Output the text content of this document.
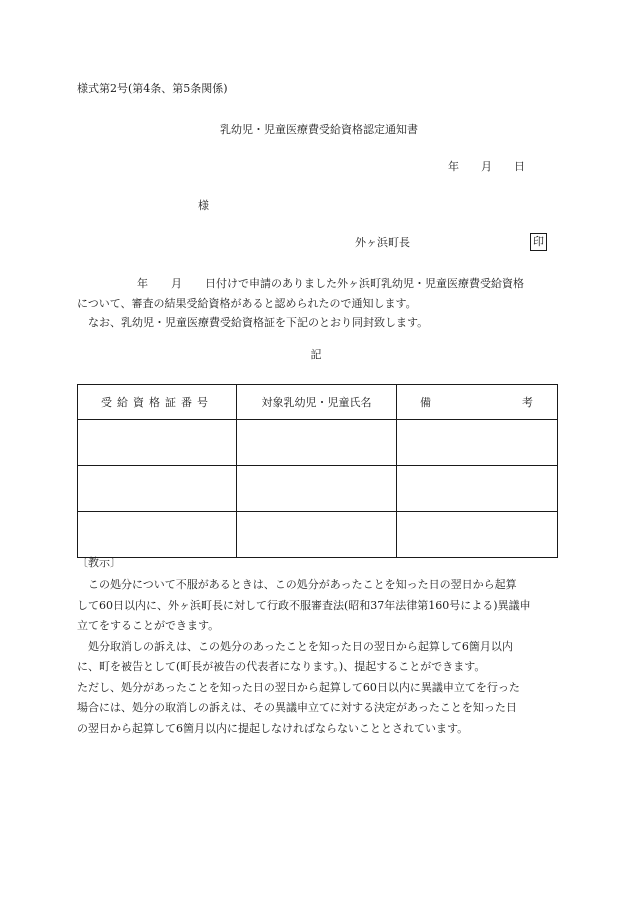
様式第2号(第4条、第5条関係)
乳幼児・児童医療費受給資格認定通知書
年 月 日
様
外ヶ浜町長	印

年 月 日付けで申請のありました外ヶ浜町乳幼児・児童医療費受給資格

について、審査の結果受給資格があると認められたので通知します。

なお、乳幼児・児童医療費受給資格証を下記のとおり同封致します。

記
受給資格証番号	対象乳幼児・児童氏名	備 考

〔教示〕

この処分について不服があるときは、この処分があったことを知った日の翌日から起算

して60日以内に、外ヶ浜町長に対して行政不服審査法(昭和37年法律第160号による)異議申

立てをすることができます。

処分取消しの訴えは、この処分のあったことを知った日の翌日から起算して6箇月以内

に、町を被告として(町長が被告の代表者になります。)、提起することができます。

ただし、処分があったことを知った日の翌日から起算して60日以内に異議申立てを行った

場合には、処分の取消しの訴えは、その異議申立てに対する決定があったことを知った日

の翌日から起算して6箇月以内に提起しなければならないこととされています。
